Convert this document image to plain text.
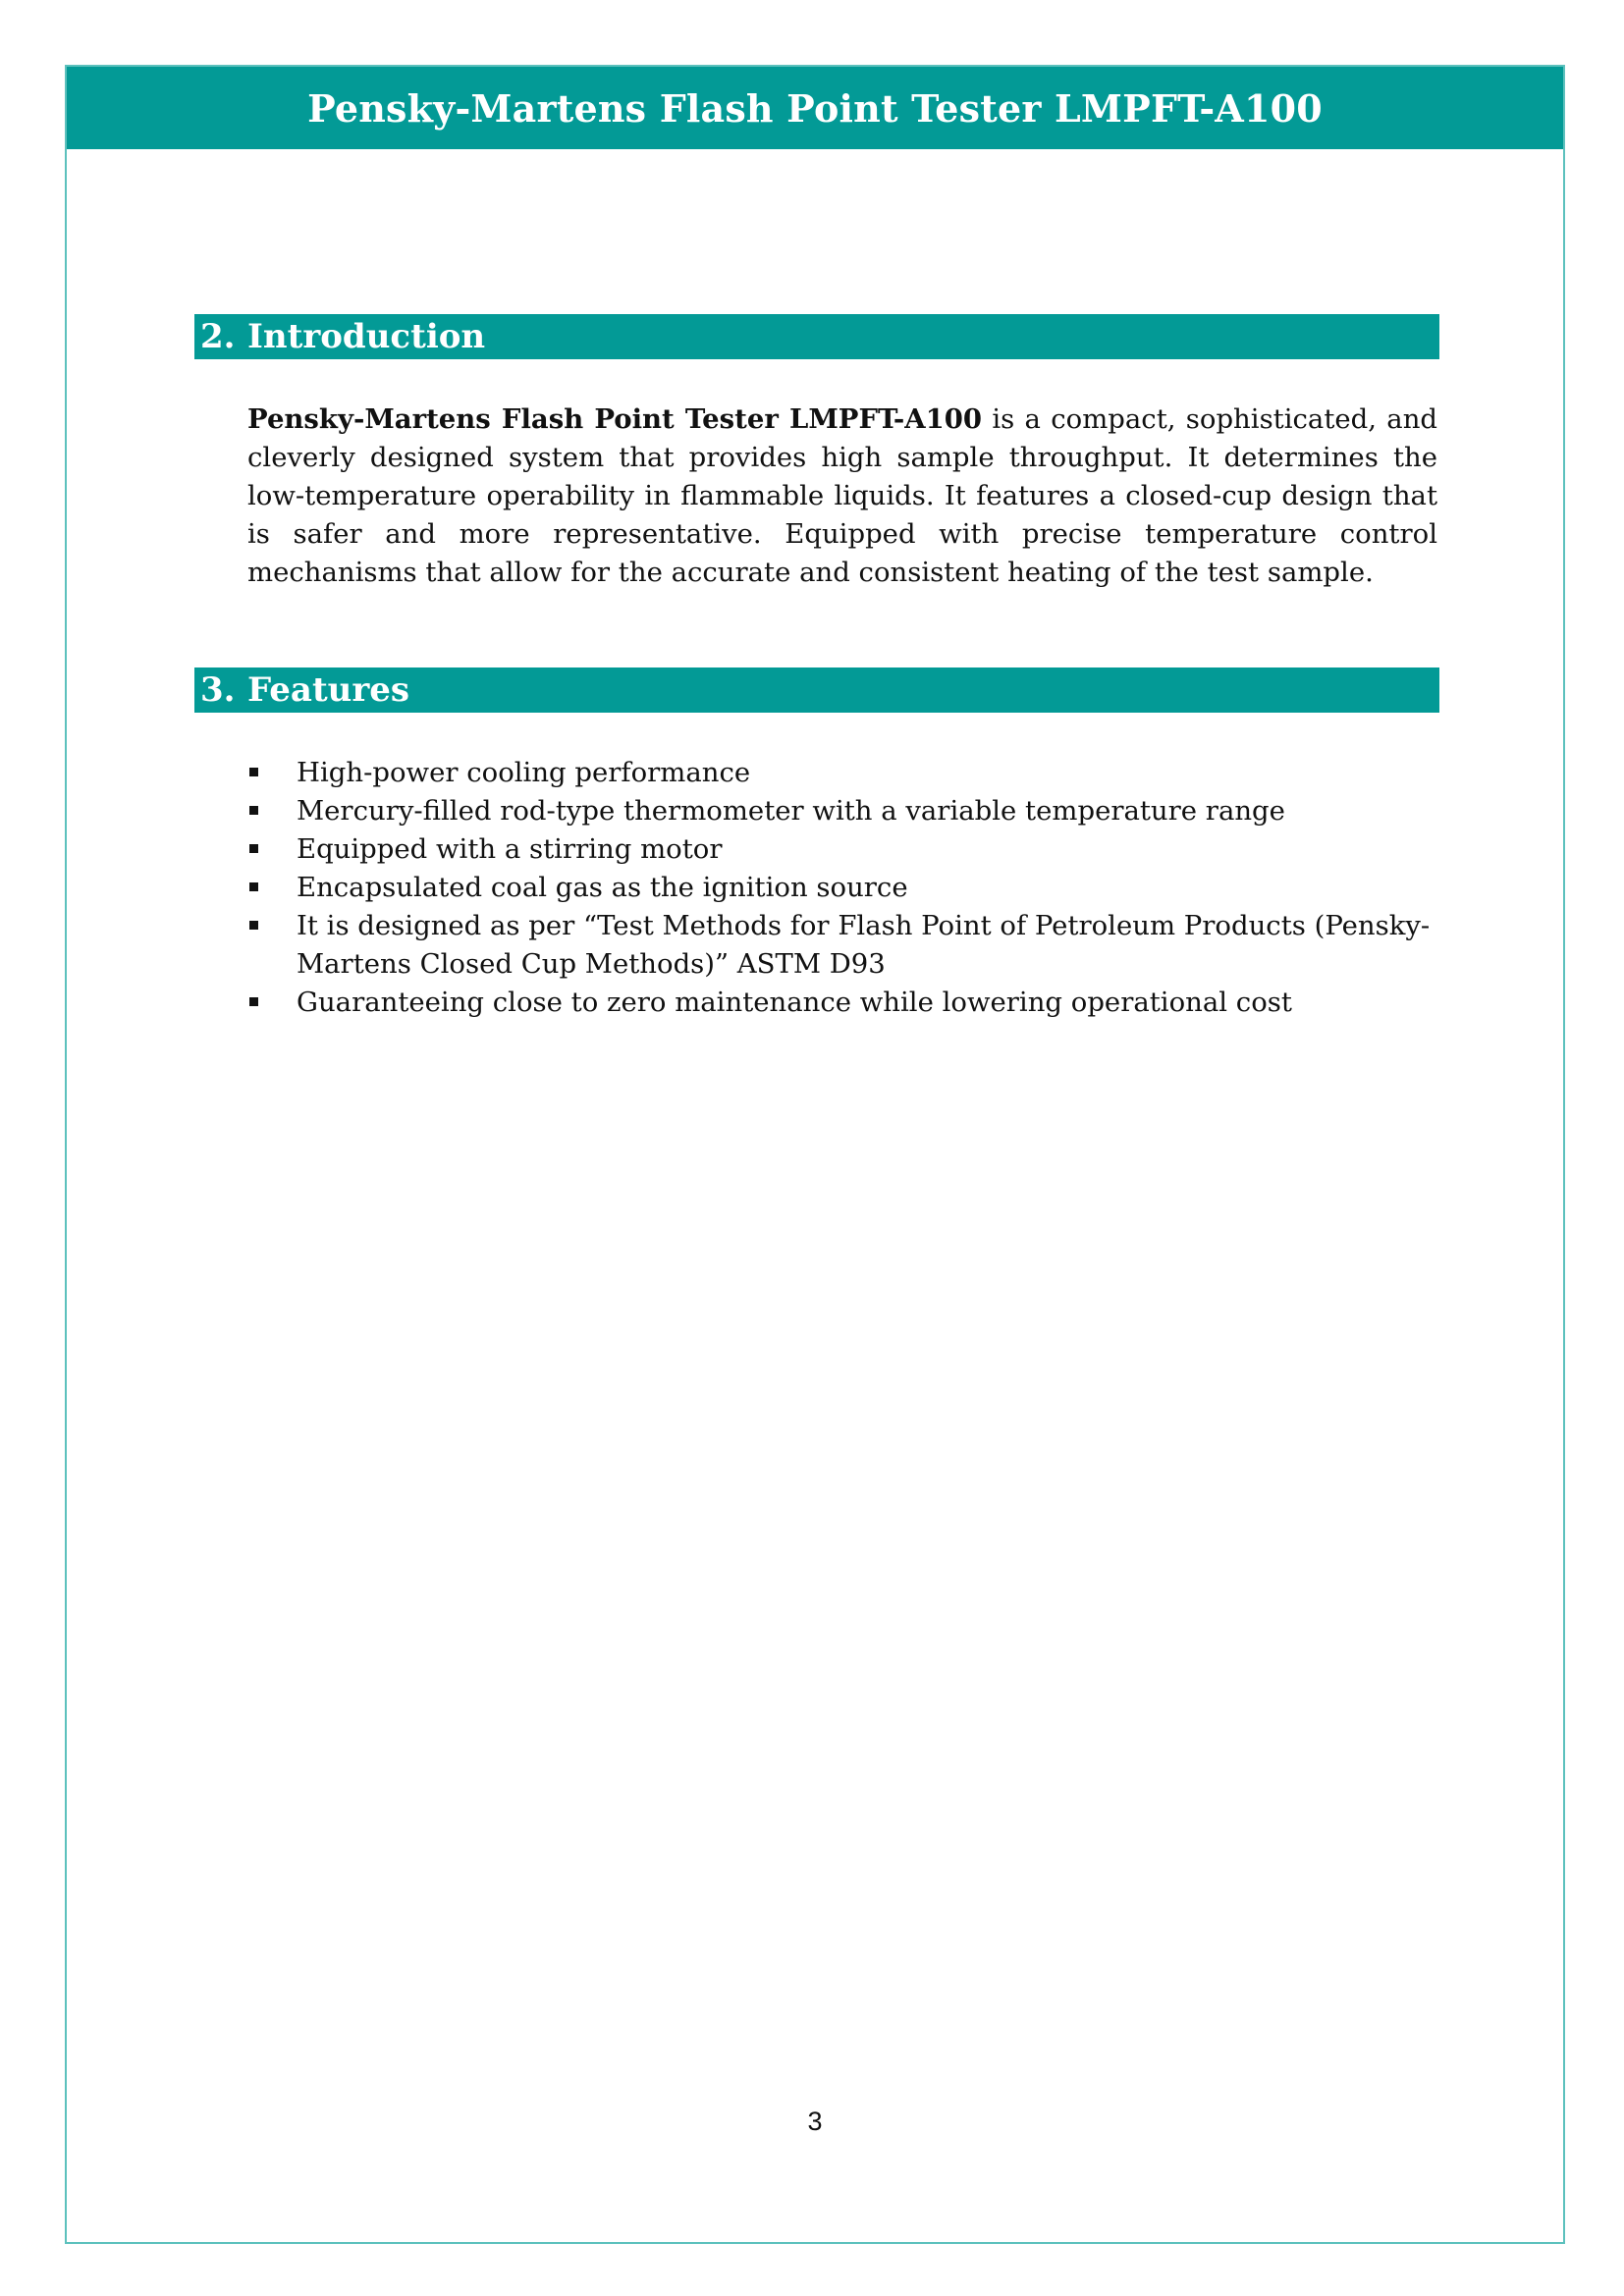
Pensky-Martens Flash Point Tester LMPFT-A100
2. Introduction

Pensky-Martens Flash Point Tester LMPFT-A100 is a compact, sophisticated, and cleverly designed system that provides high sample throughput. It determines the low-temperature operability in flammable liquids. It features a closed-cup design that is safer and more representative. Equipped with precise temperature control mechanisms that allow for the accurate and consistent heating of the test sample.

3. Features
High-power cooling performance
Mercury-filled rod-type thermometer with a variable temperature range
Equipped with a stirring motor
Encapsulated coal gas as the ignition source
It is designed as per “Test Methods for Flash Point of Petroleum Products (Pensky-Martens Closed Cup Methods)” ASTM D93
Guaranteeing close to zero maintenance while lowering operational cost
3
